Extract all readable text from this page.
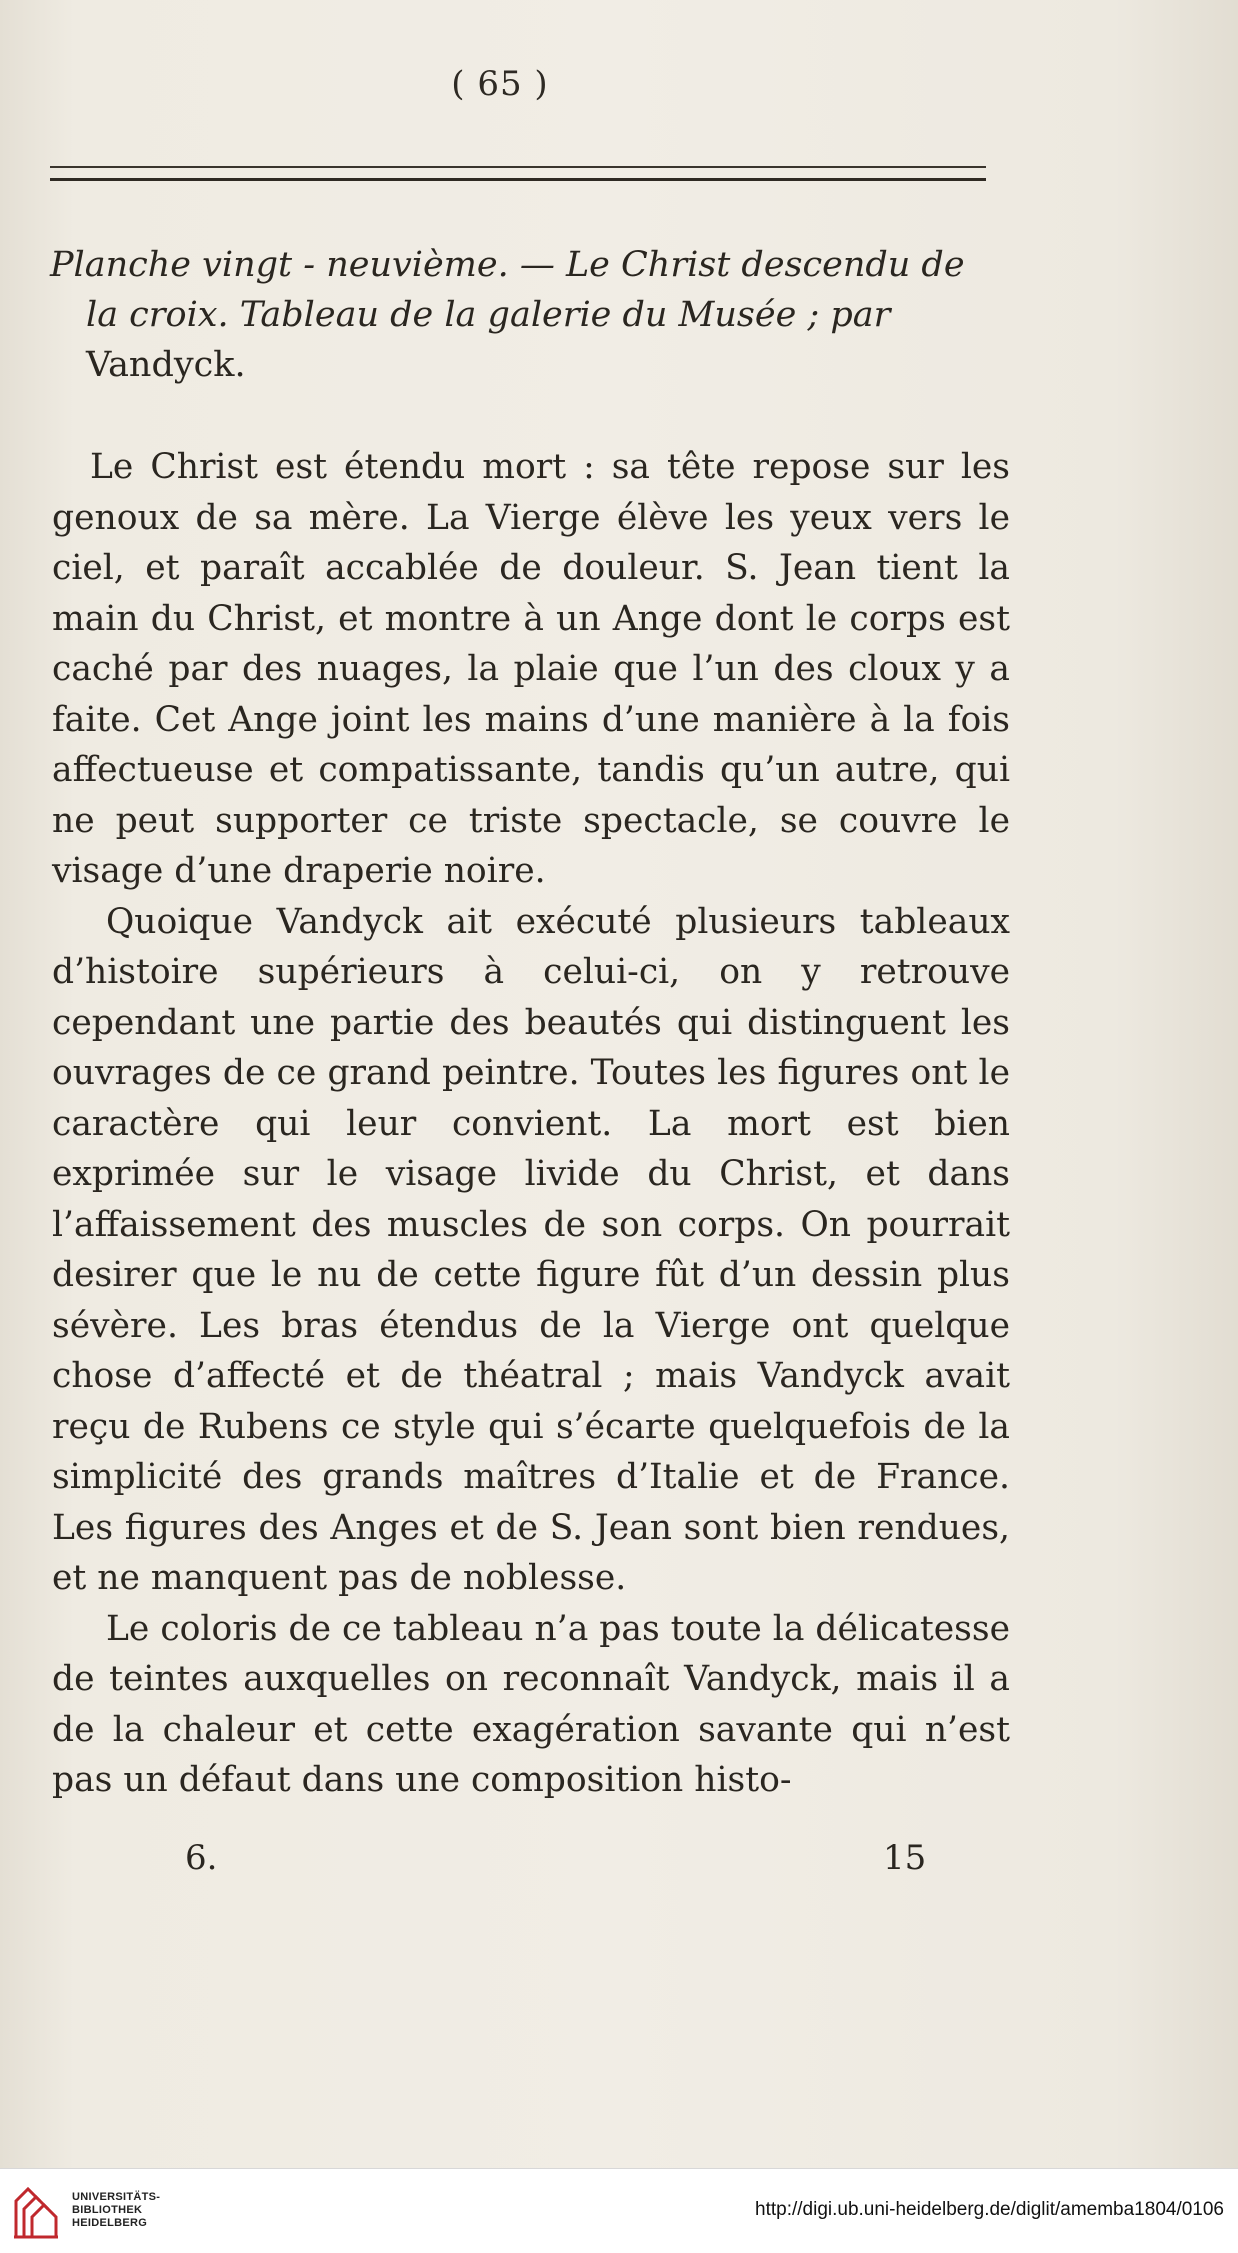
( 65 )
Planche vingt - neuvième. — Le Christ descendu de
la croix. Tableau de la galerie du Musée ; par
Vandyck.

Le Christ est étendu mort : sa tête repose sur les genoux de sa mère. La Vierge élève les yeux vers le ciel, et paraît accablée de douleur. S. Jean tient la main du Christ, et montre à un Ange dont le corps est caché par des nuages, la plaie que l’un des cloux y a faite. Cet Ange joint les mains d’une manière à la fois affectueuse et compatissante, tandis qu’un autre, qui ne peut supporter ce triste spectacle, se couvre le visage d’une draperie noire.

Quoique Vandyck ait exécuté plusieurs tableaux d’histoire supérieurs à celui-ci, on y retrouve cependant une partie des beautés qui distinguent les ouvrages de ce grand peintre. Toutes les figures ont le caractère qui leur convient. La mort est bien exprimée sur le visage livide du Christ, et dans l’affaissement des muscles de son corps. On pourrait desirer que le nu de cette figure fût d’un dessin plus sévère. Les bras étendus de la Vierge ont quelque chose d’affecté et de théatral ; mais Vandyck avait reçu de Rubens ce style qui s’écarte quelquefois de la simplicité des grands maîtres d’Italie et de France. Les figures des Anges et de S. Jean sont bien rendues, et ne manquent pas de noblesse.

Le coloris de ce tableau n’a pas toute la délicatesse de teintes auxquelles on reconnaît Vandyck, mais il a de la chaleur et cette exagération savante qui n’est pas un défaut dans une composition histo-

6.	15
UNIVERSITÄTS-
BIBLIOTHEK
HEIDELBERG
http://digi.ub.uni-heidelberg.de/diglit/amemba1804/0106
